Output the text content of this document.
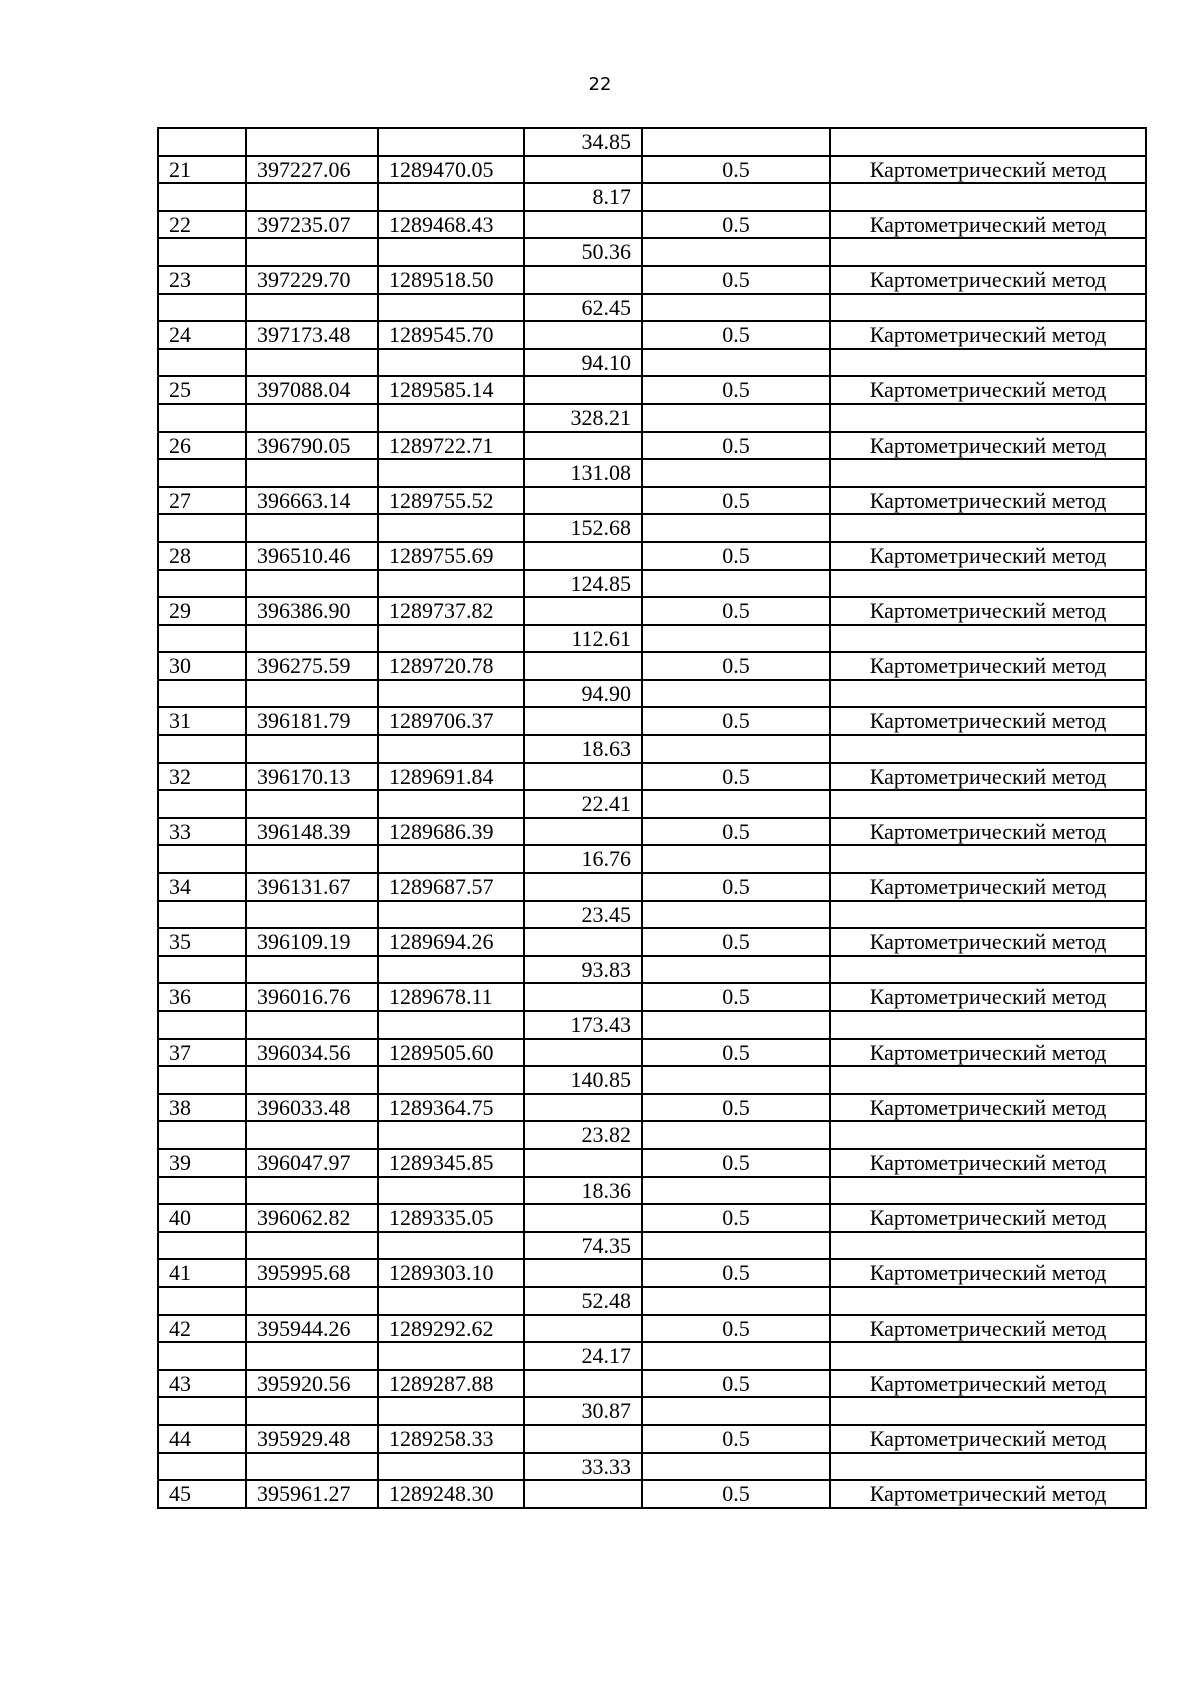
22
			34.85		
21	397227.06	1289470.05		0.5	Картометрический метод
			8.17		
22	397235.07	1289468.43		0.5	Картометрический метод
			50.36		
23	397229.70	1289518.50		0.5	Картометрический метод
			62.45		
24	397173.48	1289545.70		0.5	Картометрический метод
			94.10		
25	397088.04	1289585.14		0.5	Картометрический метод
			328.21		
26	396790.05	1289722.71		0.5	Картометрический метод
			131.08		
27	396663.14	1289755.52		0.5	Картометрический метод
			152.68		
28	396510.46	1289755.69		0.5	Картометрический метод
			124.85		
29	396386.90	1289737.82		0.5	Картометрический метод
			112.61		
30	396275.59	1289720.78		0.5	Картометрический метод
			94.90		
31	396181.79	1289706.37		0.5	Картометрический метод
			18.63		
32	396170.13	1289691.84		0.5	Картометрический метод
			22.41		
33	396148.39	1289686.39		0.5	Картометрический метод
			16.76		
34	396131.67	1289687.57		0.5	Картометрический метод
			23.45		
35	396109.19	1289694.26		0.5	Картометрический метод
			93.83		
36	396016.76	1289678.11		0.5	Картометрический метод
			173.43		
37	396034.56	1289505.60		0.5	Картометрический метод
			140.85		
38	396033.48	1289364.75		0.5	Картометрический метод
			23.82		
39	396047.97	1289345.85		0.5	Картометрический метод
			18.36		
40	396062.82	1289335.05		0.5	Картометрический метод
			74.35		
41	395995.68	1289303.10		0.5	Картометрический метод
			52.48		
42	395944.26	1289292.62		0.5	Картометрический метод
			24.17		
43	395920.56	1289287.88		0.5	Картометрический метод
			30.87		
44	395929.48	1289258.33		0.5	Картометрический метод
			33.33		
45	395961.27	1289248.30		0.5	Картометрический метод
